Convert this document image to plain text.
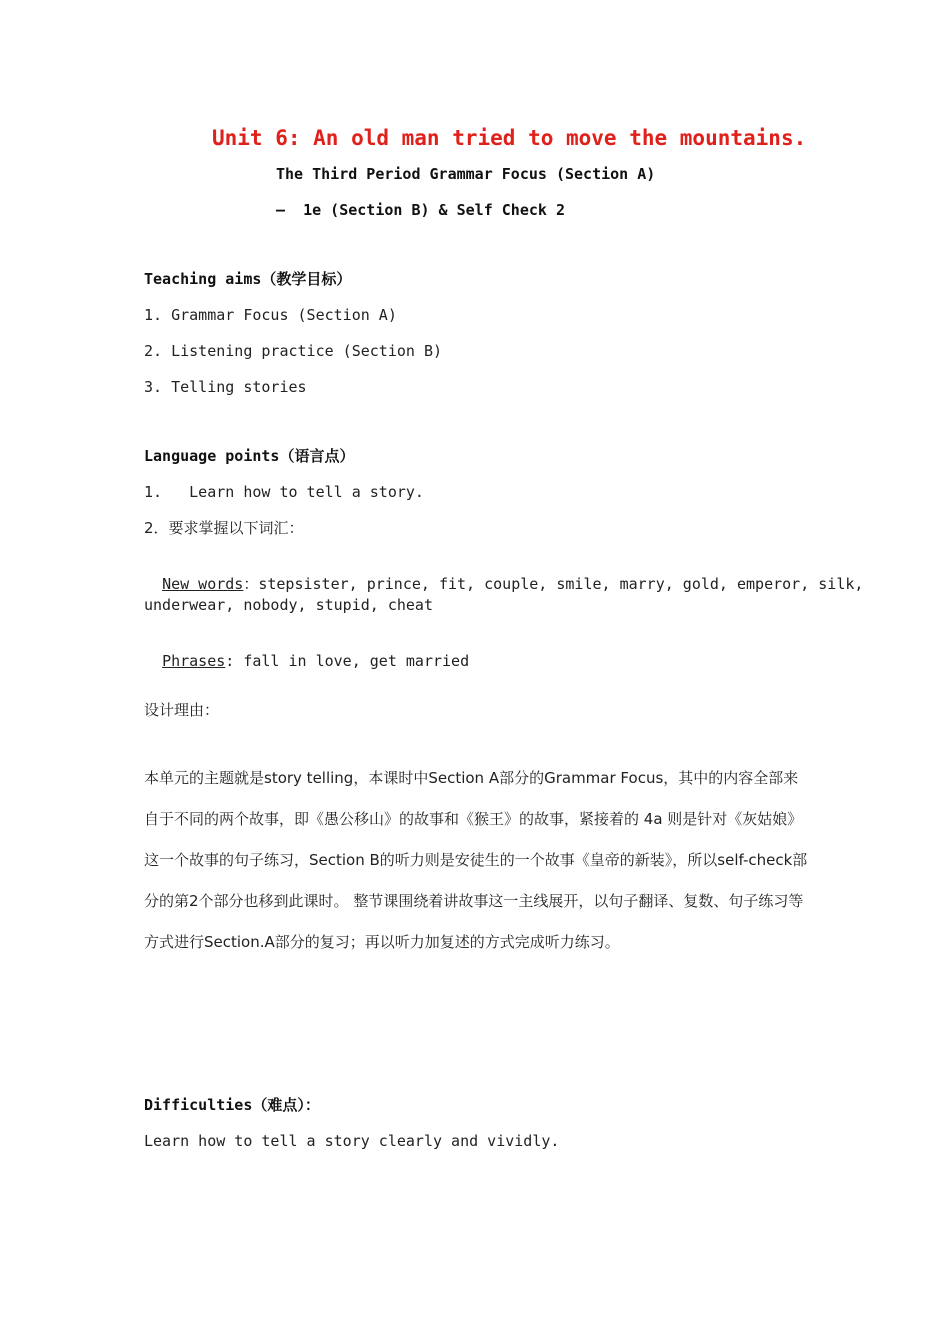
Unit 6: An old man tried to move the mountains.
The Third Period Grammar Focus (Section A)
–  1e (Section B) & Self Check 2
Teaching aims（教学目标）
1. Grammar Focus (Section A)
2. Listening practice (Section B)
3. Telling stories
Language points（语言点）
1.   Learn how to tell a story.
2．要求掌握以下词汇：

New words：stepsister, prince, fit, couple, smile, marry, gold, emperor, silk,

underwear, nobody, stupid, cheat

Phrases: fall in love, get married

设计理由：
本单元的主题就是story telling，本课时中Section A部分的Grammar Focus，其中的内容全部来自于不同的两个故事，即《愚公移山》的故事和《猴王》的故事，紧接着的 4a 则是针对《灰姑娘》这一个故事的句子练习，Section B的听力则是安徒生的一个故事《皇帝的新装》，所以self-check部分的第2个部分也移到此课时。 整节课围绕着讲故事这一主线展开，以句子翻译、复数、句子练习等方式进行Section.A部分的复习；再以听力加复述的方式完成听力练习。
Difficulties（难点）：
Learn how to tell a story clearly and vividly.
